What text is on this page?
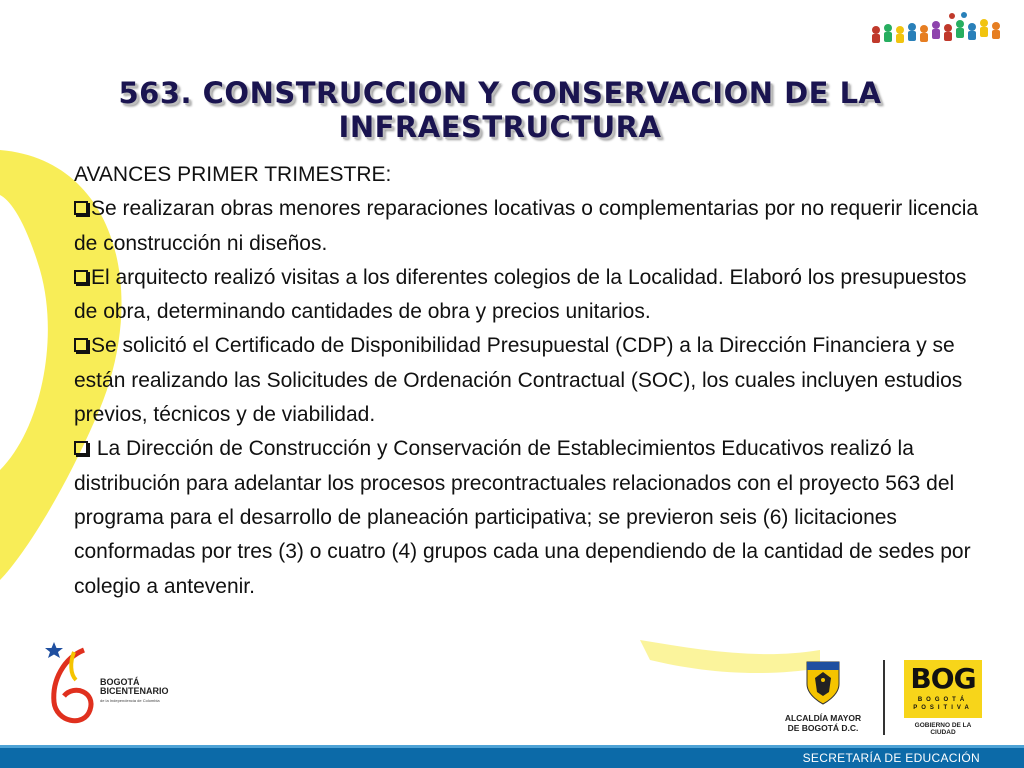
563. CONSTRUCCION Y CONSERVACION DE LA INFRAESTRUCTURA

AVANCES PRIMER TRIMESTRE:

Se realizaran obras menores reparaciones locativas o complementarias por no requerir licencia de construcción ni diseños.

El arquitecto realizó visitas a los diferentes colegios de la Localidad. Elaboró los presupuestos de obra, determinando cantidades de obra y precios unitarios.

Se solicitó el Certificado de Disponibilidad Presupuestal (CDP) a la Dirección Financiera y se están realizando las Solicitudes de Ordenación Contractual (SOC), los cuales incluyen estudios previos, técnicos y de viabilidad.

La Dirección de Construcción y Conservación de Establecimientos Educativos realizó la distribución para adelantar los procesos precontractuales relacionados con el proyecto 563 del programa para el desarrollo de planeación participativa; se previeron seis (6) licitaciones conformadas por tres (3) o cuatro (4) grupos cada una dependiendo de la cantidad de sedes por colegio a antevenir.

BOGOTÁ
BICENTENARIO
de la Independencia de Colombia
ALCALDÍA MAYOR
DE BOGOTÁ D.C.
BOG
BOGOTÁ POSITIVA
GOBIERNO DE LA CIUDAD
SECRETARÍA DE EDUCACIÓN
